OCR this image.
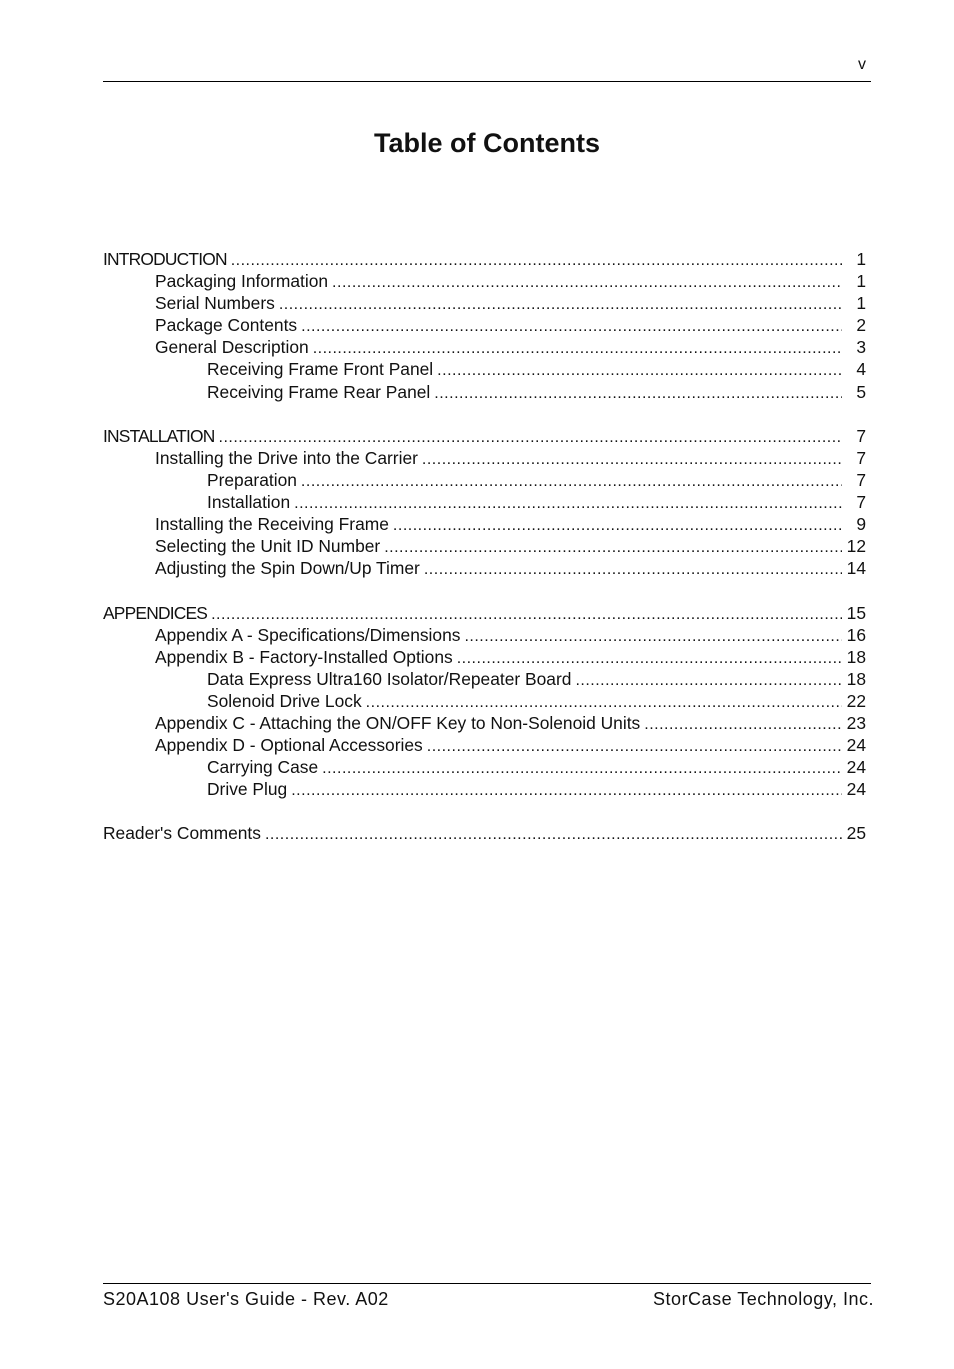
v
Table of Contents
INTRODUCTION .....	1
Packaging Information .....	1
Serial Numbers .....	1
Package Contents .....	2
General Description .....	3
Receiving Frame Front Panel .....	4
Receiving Frame Rear Panel .....	5
INSTALLATION .....	7
Installing the Drive into the Carrier .....	7
Preparation .....	7
Installation .....	7
Installing the Receiving Frame .....	9
Selecting the Unit ID Number .....	12
Adjusting the Spin Down/Up Timer .....	14
APPENDICES .....	15
Appendix A - Specifications/Dimensions .....	16
Appendix B - Factory-Installed Options .....	18
Data Express Ultra160 Isolator/Repeater Board .....	18
Solenoid Drive Lock .....	22
Appendix C - Attaching the ON/OFF Key to Non-Solenoid Units .....	23
Appendix D - Optional Accessories .....	24
Carrying Case .....	24
Drive Plug .....	24
Reader's Comments .....	25
S20A108 User's Guide - Rev. A02	StorCase Technology, Inc.
